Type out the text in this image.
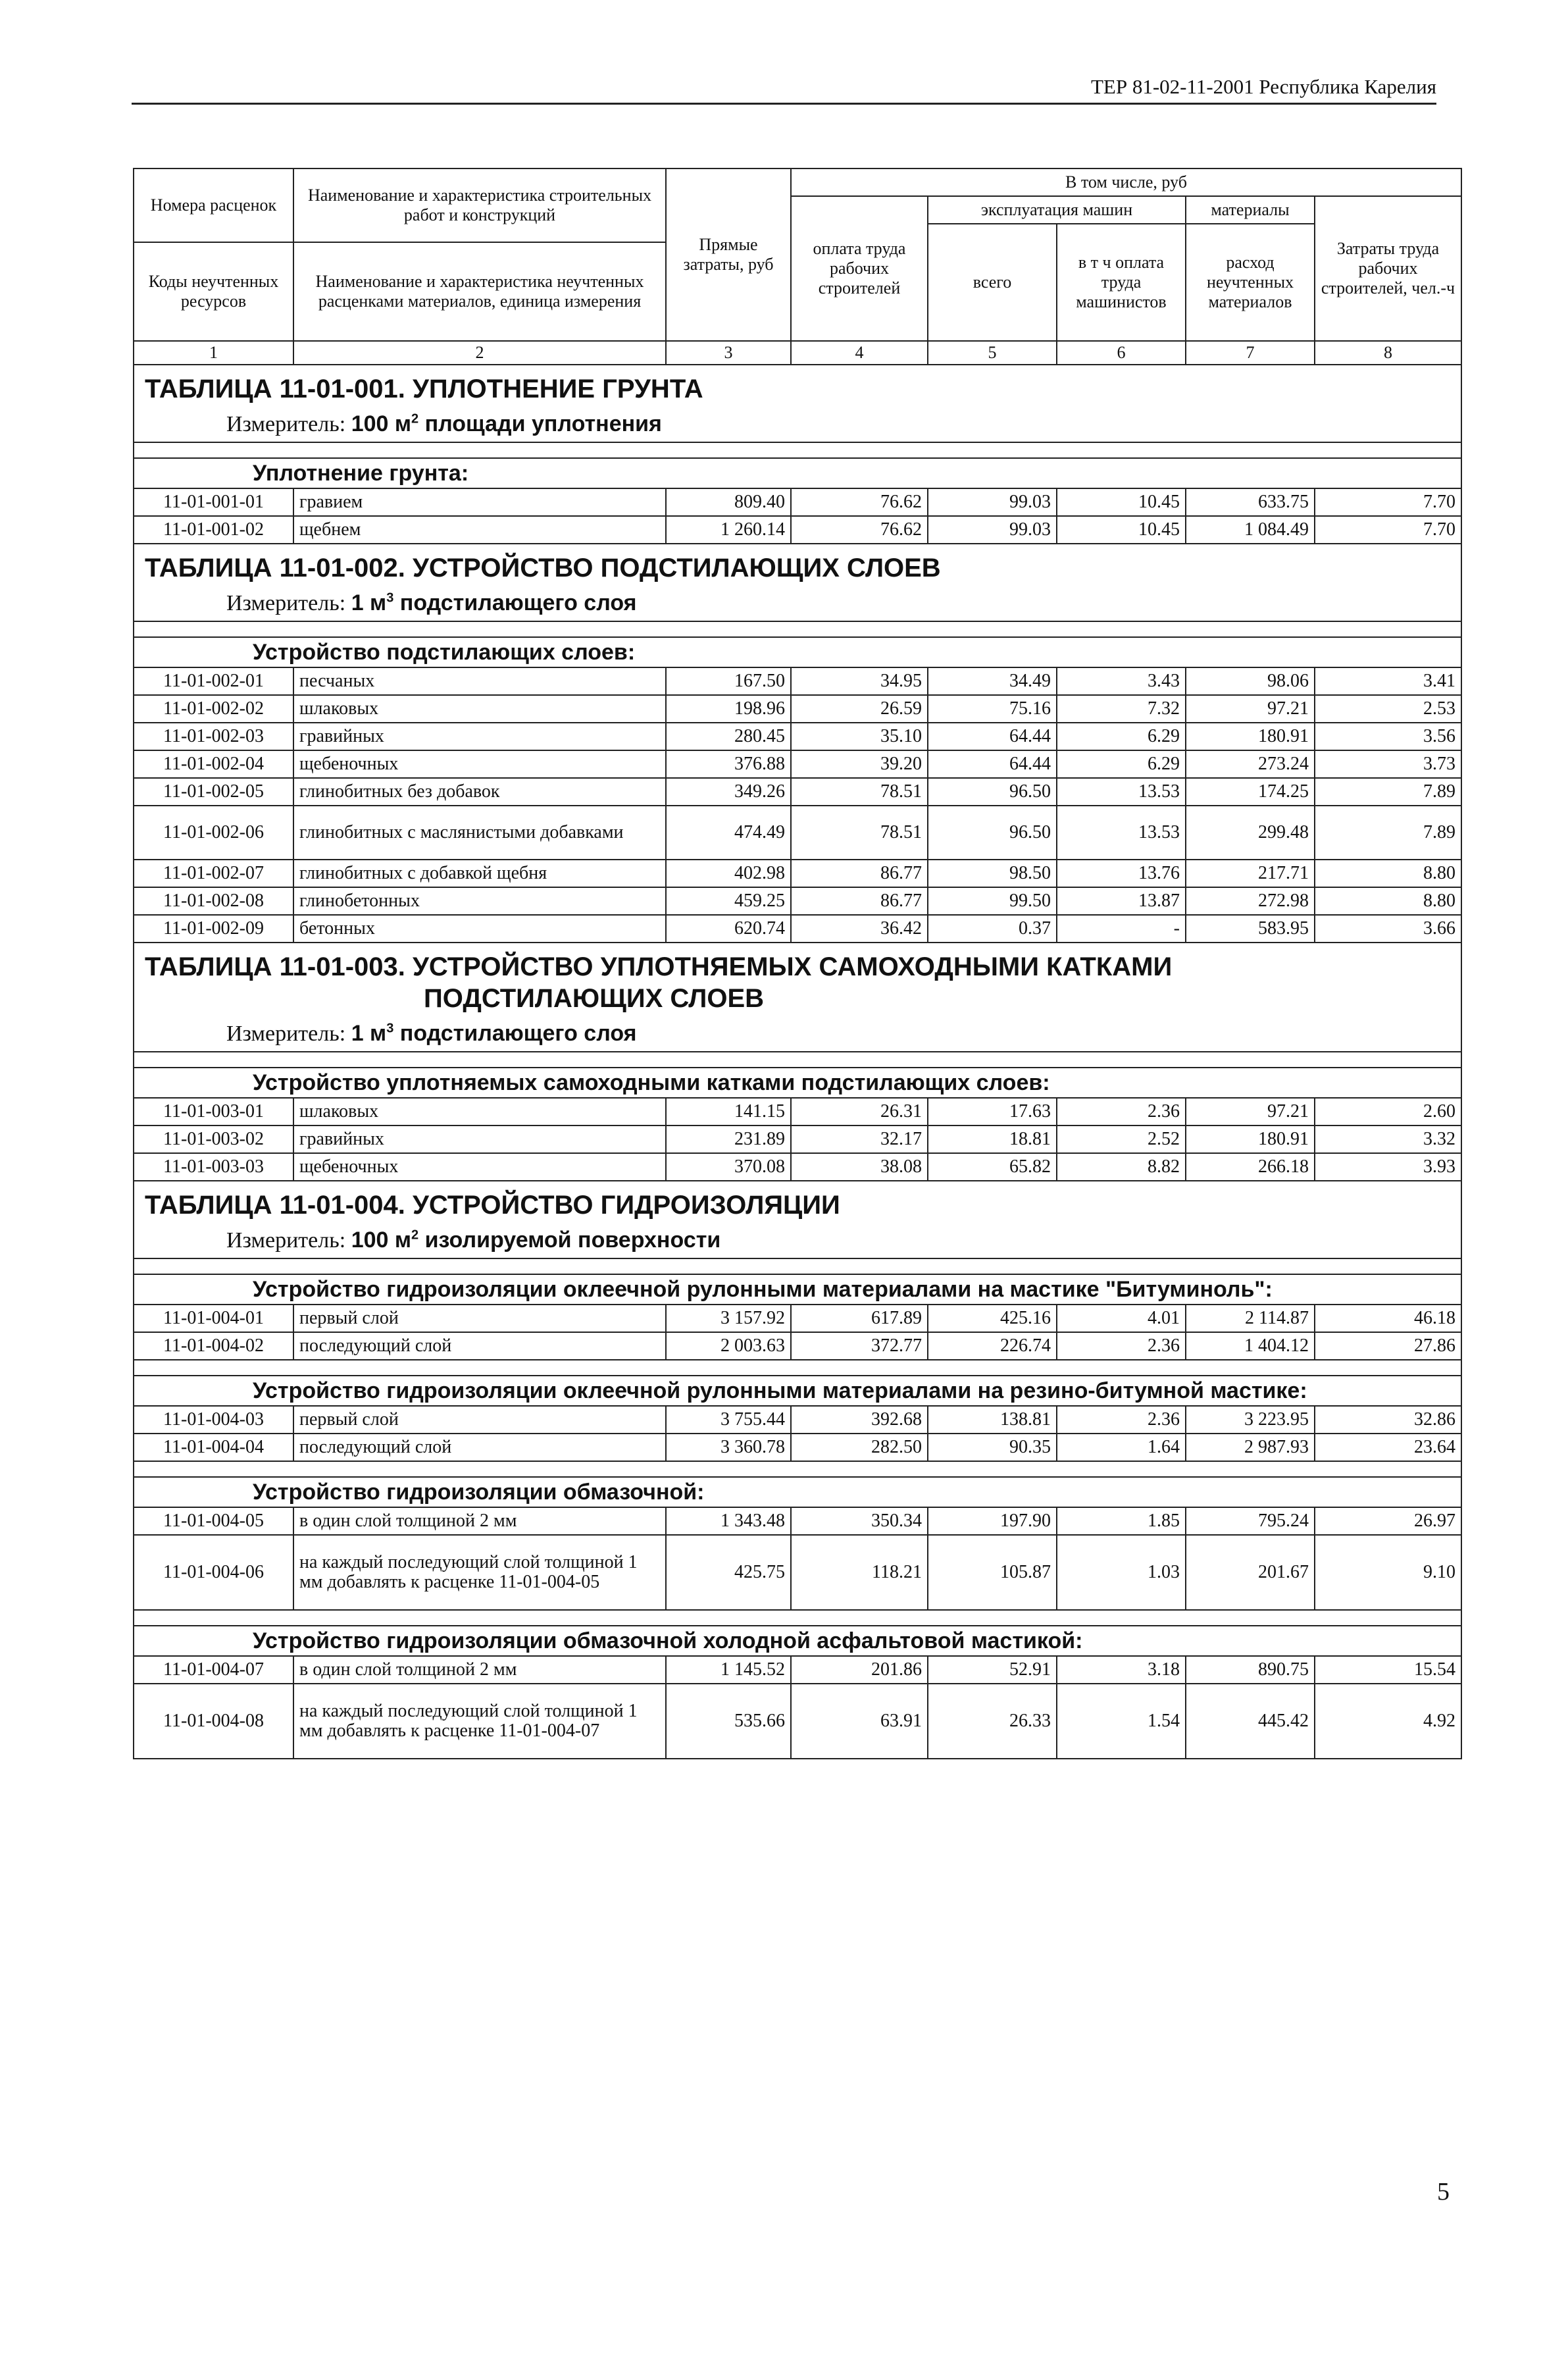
ТЕР 81-02-11-2001 Республика Карелия
Номера расценок	Наименование и характеристика строительных работ и конструкций	Прямые затраты, руб	В том числе, руб				
			оплата труда рабочих строителей	эксплуатация машин		материалы	Затраты труда рабочих строителей, чел.-ч
				всего	в т ч оплата труда машинистов	расход неучтенных материалов	
Коды неучтенных ресурсов	Наименование и характеристика неучтенных расценками материалов, единица измерения						

1	2	3	4	5	6	7	8
ТАБЛИЦА 11-01-001. УПЛОТНЕНИЕ ГРУНТА							
Измеритель: 100 $м^2$ площади уплотнения							

Уплотнение грунта:							
11-01-001-01	гравием	809.40	76.62	99.03	10.45	633.75	7.70
11-01-001-02	щебнем	1 260.14	76.62	99.03	10.45	1 084.49	7.70
ТАБЛИЦА 11-01-002. УСТРОЙСТВО ПОДСТИЛАЮЩИХ СЛОЕВ							
Измеритель: 1 $м^3$ подстилающего слоя							

Устройство подстилающих слоев:							
11-01-002-01	песчаных	167.50	34.95	34.49	3.43	98.06	3.41
11-01-002-02	шлаковых	198.96	26.59	75.16	7.32	97.21	2.53
11-01-002-03	гравийных	280.45	35.10	64.44	6.29	180.91	3.56
11-01-002-04	щебеночных	376.88	39.20	64.44	6.29	273.24	3.73
11-01-002-05	глинобитных без добавок	349.26	78.51	96.50	13.53	174.25	7.89
11-01-002-06	глинобитных с маслянистыми добавками	474.49	78.51	96.50	13.53	299.48	7.89
11-01-002-07	глинобитных с добавкой щебня	402.98	86.77	98.50	13.76	217.71	8.80
11-01-002-08	глинобетонных	459.25	86.77	99.50	13.87	272.98	8.80
11-01-002-09	бетонных	620.74	36.42	0.37	-	583.95	3.66
ТАБЛИЦА 11-01-003. УСТРОЙСТВО УПЛОТНЯЕМЫХ САМОХОДНЫМИ КАТКАМИ
ПОДСТИЛАЮЩИХ СЛОЕВ							

Измеритель: 1 $м^3$ подстилающего слоя							

Устройство уплотняемых самоходными катками подстилающих слоев:							
11-01-003-01	шлаковых	141.15	26.31	17.63	2.36	97.21	2.60
11-01-003-02	гравийных	231.89	32.17	18.81	2.52	180.91	3.32
11-01-003-03	щебеночных	370.08	38.08	65.82	8.82	266.18	3.93
ТАБЛИЦА 11-01-004. УСТРОЙСТВО ГИДРОИЗОЛЯЦИИ							
Измеритель: 100 $м^2$ изолируемой поверхности							

Устройство гидроизоляции оклеечной рулонными материалами на мастике "Битуминоль":							
11-01-004-01	первый слой	3 157.92	617.89	425.16	4.01	2 114.87	46.18
11-01-004-02	последующий слой	2 003.63	372.77	226.74	2.36	1 404.12	27.86

Устройство гидроизоляции оклеечной рулонными материалами на резино-битумной мастике:							
11-01-004-03	первый слой	3 755.44	392.68	138.81	2.36	3 223.95	32.86
11-01-004-04	последующий слой	3 360.78	282.50	90.35	1.64	2 987.93	23.64

Устройство гидроизоляции обмазочной:							
11-01-004-05	в один слой толщиной 2 мм	1 343.48	350.34	197.90	1.85	795.24	26.97
11-01-004-06	на каждый последующий слой толщиной 1 мм добавлять к расценке 11-01-004-05	425.75	118.21	105.87	1.03	201.67	9.10

Устройство гидроизоляции обмазочной холодной асфальтовой мастикой:							
11-01-004-07	в один слой толщиной 2 мм	1 145.52	201.86	52.91	3.18	890.75	15.54
11-01-004-08	на каждый последующий слой толщиной 1 мм добавлять к расценке 11-01-004-07	535.66	63.91	26.33	1.54	445.42	4.92
5
